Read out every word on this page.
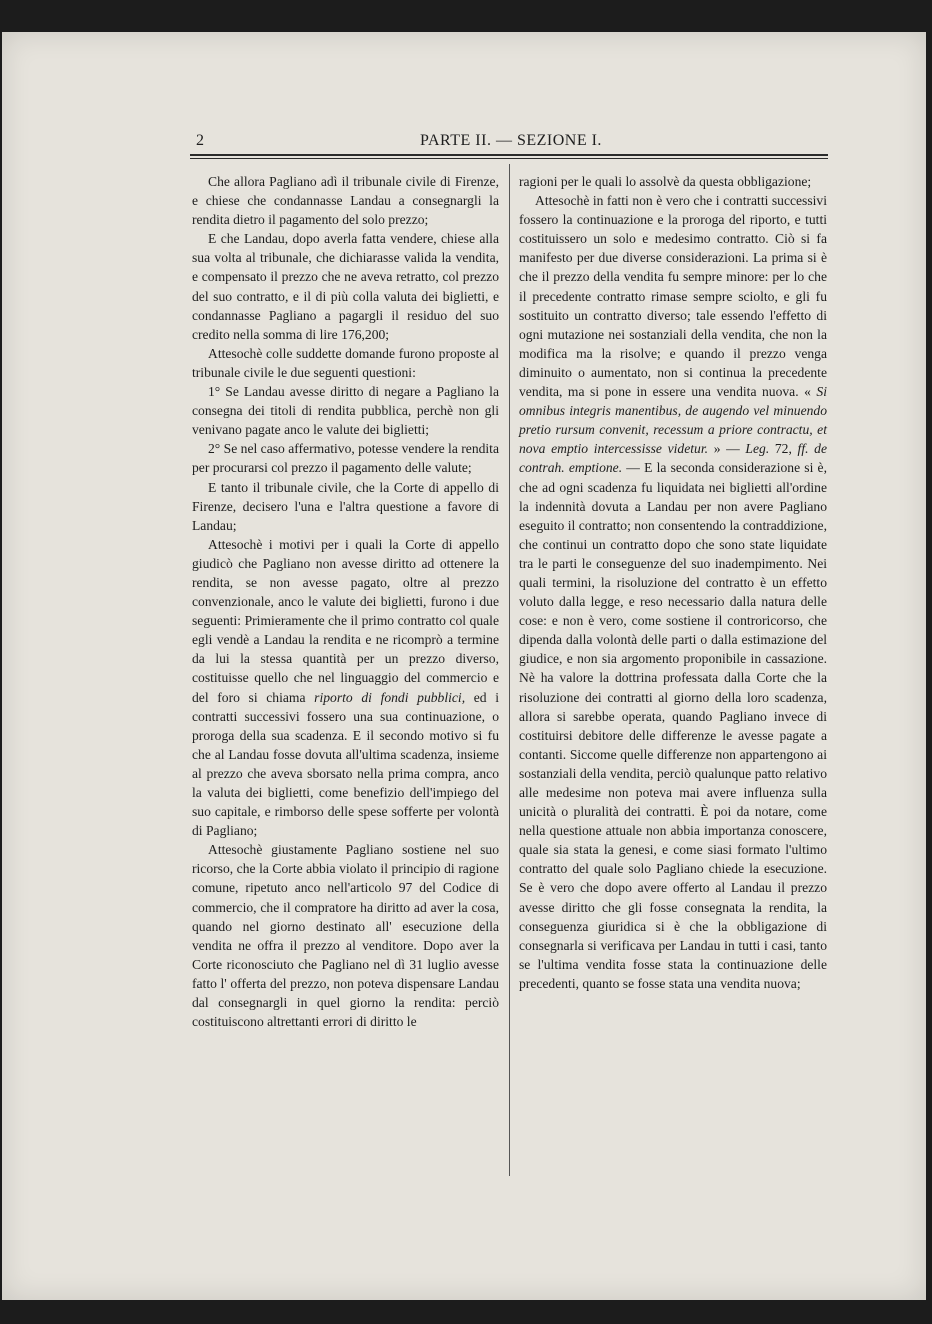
2	PARTE II. — SEZIONE I.

Che allora Pagliano adì il tribunale civile di Firenze, e chiese che condannasse Landau a consegnargli la rendita dietro il pagamento del solo prezzo;

E che Landau, dopo averla fatta vendere, chiese alla sua volta al tribunale, che dichiarasse valida la vendita, e compensato il prezzo che ne aveva retratto, col prezzo del suo contratto, e il di più colla valuta dei biglietti, e condannasse Pagliano a pagargli il residuo del suo credito nella somma di lire 176,200;

Attesochè colle suddette domande furono proposte al tribunale civile le due seguenti questioni:

1° Se Landau avesse diritto di negare a Pagliano la consegna dei titoli di rendita pubblica, perchè non gli venivano pagate anco le valute dei biglietti;

2° Se nel caso affermativo, potesse vendere la rendita per procurarsi col prezzo il pagamento delle valute;

E tanto il tribunale civile, che la Corte di appello di Firenze, decisero l'una e l'altra questione a favore di Landau;

Attesochè i motivi per i quali la Corte di appello giudicò che Pagliano non avesse diritto ad ottenere la rendita, se non avesse pagato, oltre al prezzo convenzionale, anco le valute dei biglietti, furono i due seguenti: Primieramente che il primo contratto col quale egli vendè a Landau la rendita e ne ricomprò a termine da lui la stessa quantità per un prezzo diverso, costituisse quello che nel linguaggio del commercio e del foro si chiama riporto di fondi pubblici, ed i contratti successivi fossero una sua continuazione, o proroga della sua scadenza. E il secondo motivo si fu che al Landau fosse dovuta all'ultima scadenza, insieme al prezzo che aveva sborsato nella prima compra, anco la valuta dei biglietti, come benefizio dell'impiego del suo capitale, e rimborso delle spese sofferte per volontà di Pagliano;

Attesochè giustamente Pagliano sostiene nel suo ricorso, che la Corte abbia violato il principio di ragione comune, ripetuto anco nell'articolo 97 del Codice di commercio, che il compratore ha diritto ad aver la cosa, quando nel giorno destinato all' esecuzione della vendita ne offra il prezzo al venditore. Dopo aver la Corte riconosciuto che Pagliano nel dì 31 luglio avesse fatto l' offerta del prezzo, non poteva dispensare Landau dal consegnargli in quel giorno la rendita: perciò costituiscono altrettanti errori di diritto le

ragioni per le quali lo assolvè da questa obbligazione;

Attesochè in fatti non è vero che i contratti successivi fossero la continuazione e la proroga del riporto, e tutti costituissero un solo e medesimo contratto. Ciò si fa manifesto per due diverse considerazioni. La prima si è che il prezzo della vendita fu sempre minore: per lo che il precedente contratto rimase sempre sciolto, e gli fu sostituito un contratto diverso; tale essendo l'effetto di ogni mutazione nei sostanziali della vendita, che non la modifica ma la risolve; e quando il prezzo venga diminuito o aumentato, non si continua la precedente vendita, ma si pone in essere una vendita nuova. « Si omnibus integris manentibus, de augendo vel minuendo pretio rursum convenit, recessum a priore contractu, et nova emptio intercessisse videtur. » — Leg. 72, ff. de contrah. emptione. — E la seconda considerazione si è, che ad ogni scadenza fu liquidata nei biglietti all'ordine la indennità dovuta a Landau per non avere Pagliano eseguito il contratto; non consentendo la contraddizione, che continui un contratto dopo che sono state liquidate tra le parti le conseguenze del suo inadempimento. Nei quali termini, la risoluzione del contratto è un effetto voluto dalla legge, e reso necessario dalla natura delle cose: e non è vero, come sostiene il controricorso, che dipenda dalla volontà delle parti o dalla estimazione del giudice, e non sia argomento proponibile in cassazione. Nè ha valore la dottrina professata dalla Corte che la risoluzione dei contratti al giorno della loro scadenza, allora si sarebbe operata, quando Pagliano invece di costituirsi debitore delle differenze le avesse pagate a contanti. Siccome quelle differenze non appartengono ai sostanziali della vendita, perciò qualunque patto relativo alle medesime non poteva mai avere influenza sulla unicità o pluralità dei contratti. È poi da notare, come nella questione attuale non abbia importanza conoscere, quale sia stata la genesi, e come siasi formato l'ultimo contratto del quale solo Pagliano chiede la esecuzione. Se è vero che dopo avere offerto al Landau il prezzo avesse diritto che gli fosse consegnata la rendita, la conseguenza giuridica si è che la obbligazione di consegnarla si verificava per Landau in tutti i casi, tanto se l'ultima vendita fosse stata la continuazione delle precedenti, quanto se fosse stata una vendita nuova;
